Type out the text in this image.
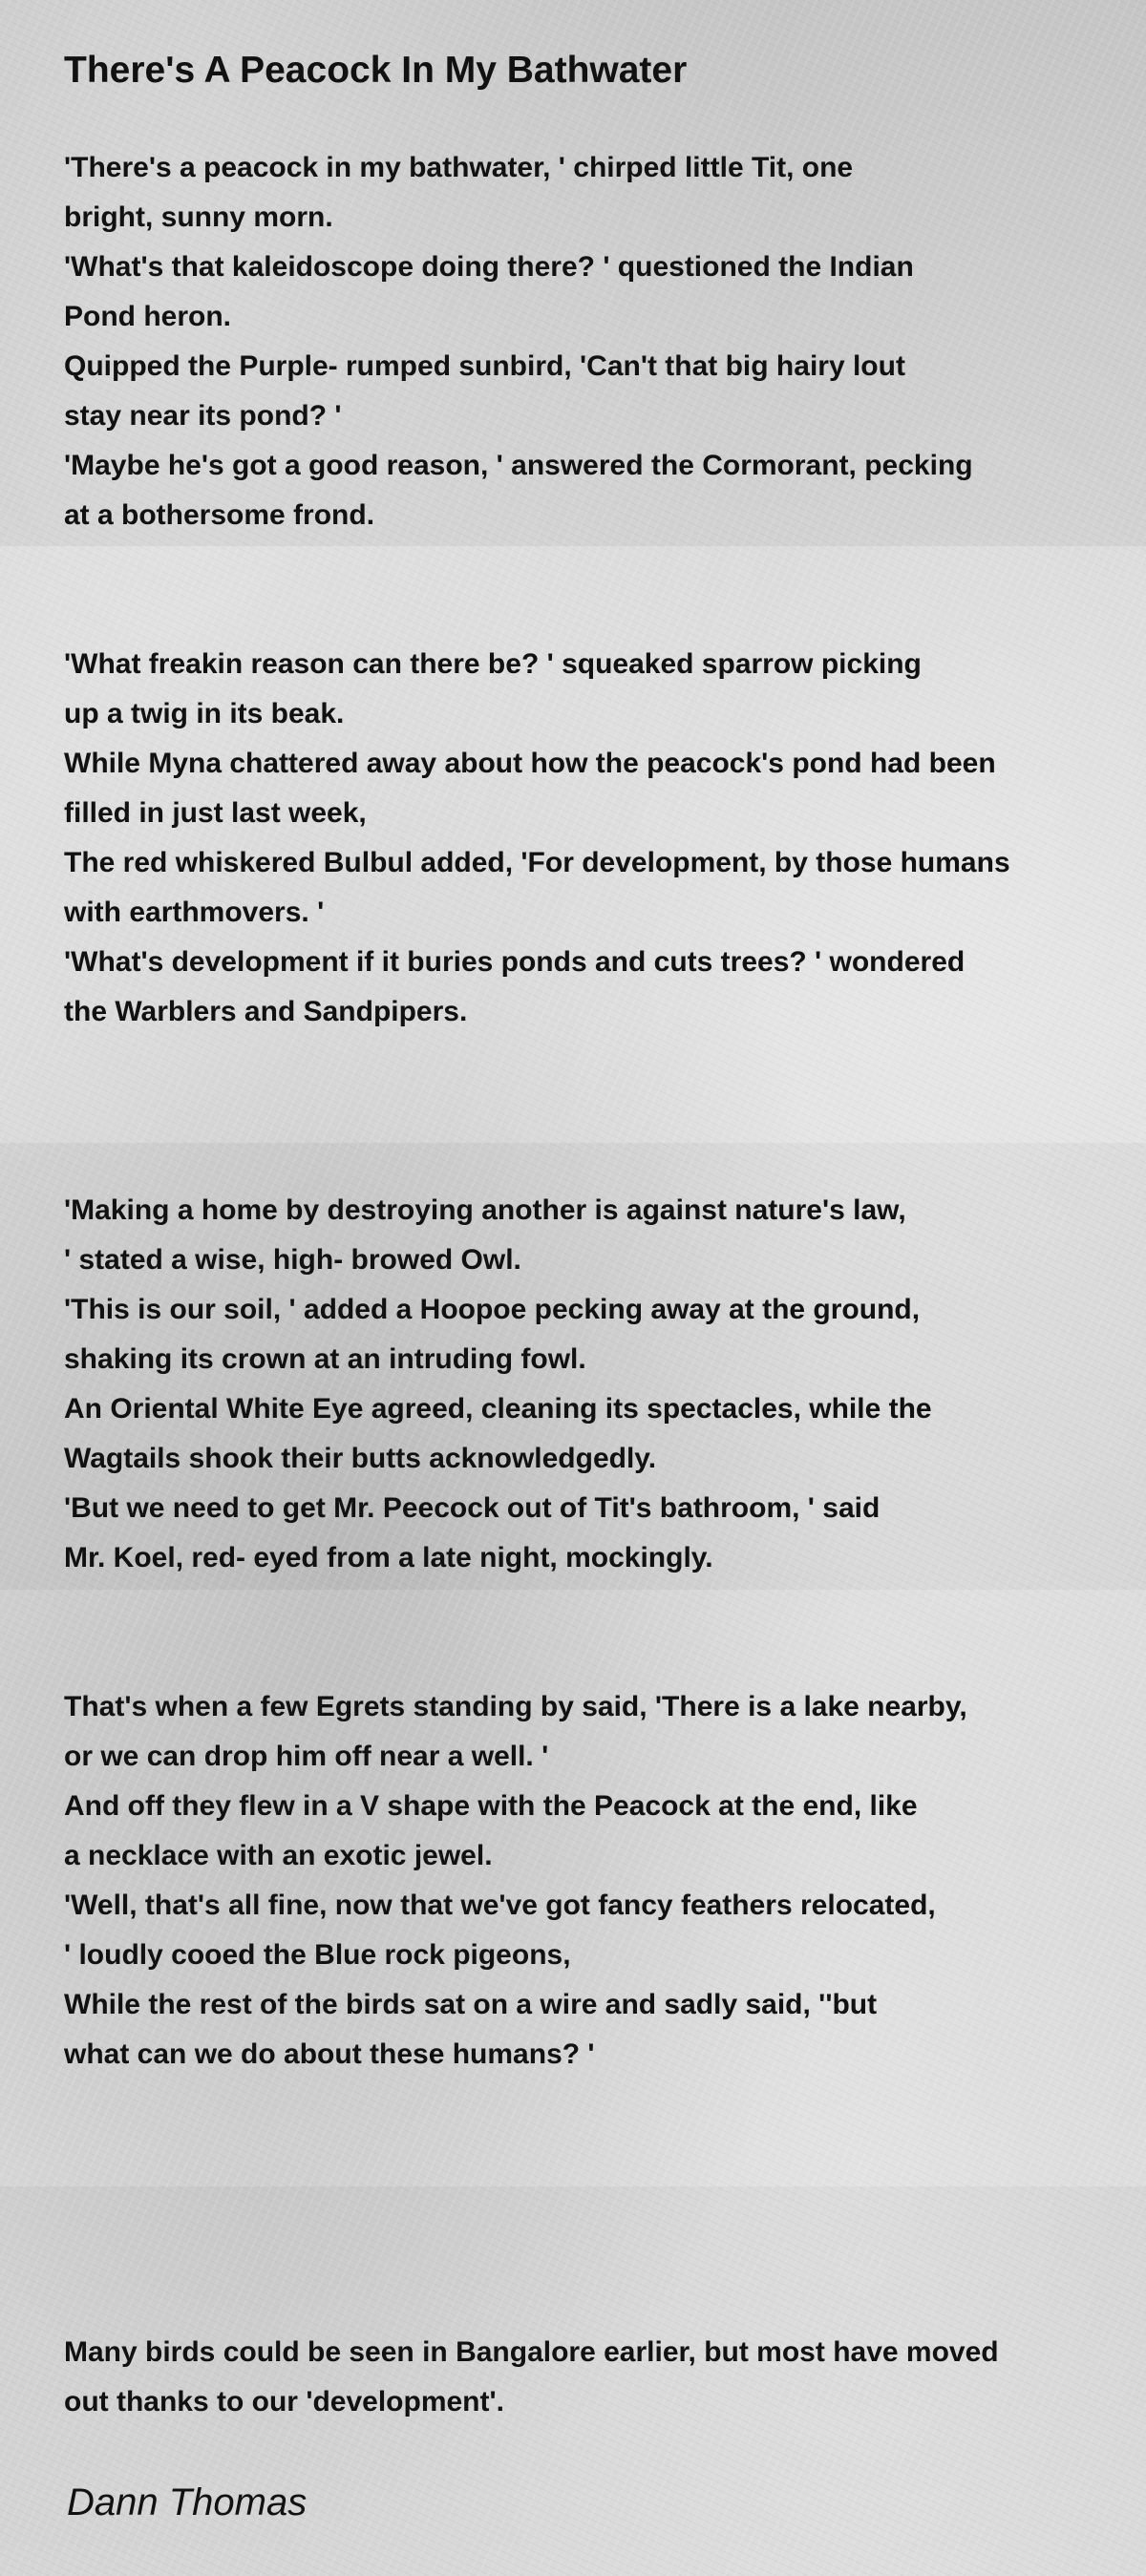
There's A Peacock In My Bathwater

'There's a peacock in my bathwater, ' chirped little Tit, one
bright, sunny morn.
'What's that kaleidoscope doing there? ' questioned the Indian
Pond heron.
Quipped the Purple- rumped sunbird, 'Can't that big hairy lout
stay near its pond? '
'Maybe he's got a good reason, ' answered the Cormorant, pecking
at a bothersome frond.

'What freakin reason can there be? ' squeaked sparrow picking
up a twig in its beak.
While Myna chattered away about how the peacock's pond had been
filled in just last week,
The red whiskered Bulbul added, 'For development, by those humans
with earthmovers. '
'What's development if it buries ponds and cuts trees? ' wondered
the Warblers and Sandpipers.

'Making a home by destroying another is against nature's law,
' stated a wise, high- browed Owl.
'This is our soil, ' added a Hoopoe pecking away at the ground,
shaking its crown at an intruding fowl.
An Oriental White Eye agreed, cleaning its spectacles, while the
Wagtails shook their butts acknowledgedly.
'But we need to get Mr. Peecock out of Tit's bathroom, ' said
Mr. Koel, red- eyed from a late night, mockingly.

That's when a few Egrets standing by said, 'There is a lake nearby,
or we can drop him off near a well. '
And off they flew in a V shape with the Peacock at the end, like
a necklace with an exotic jewel.
'Well, that's all fine, now that we've got fancy feathers relocated,
' loudly cooed the Blue rock pigeons,
While the rest of the birds sat on a wire and sadly said, ''but
what can we do about these humans? '

Many birds could be seen in Bangalore earlier, but most have moved
out thanks to our 'development'.

Dann Thomas
